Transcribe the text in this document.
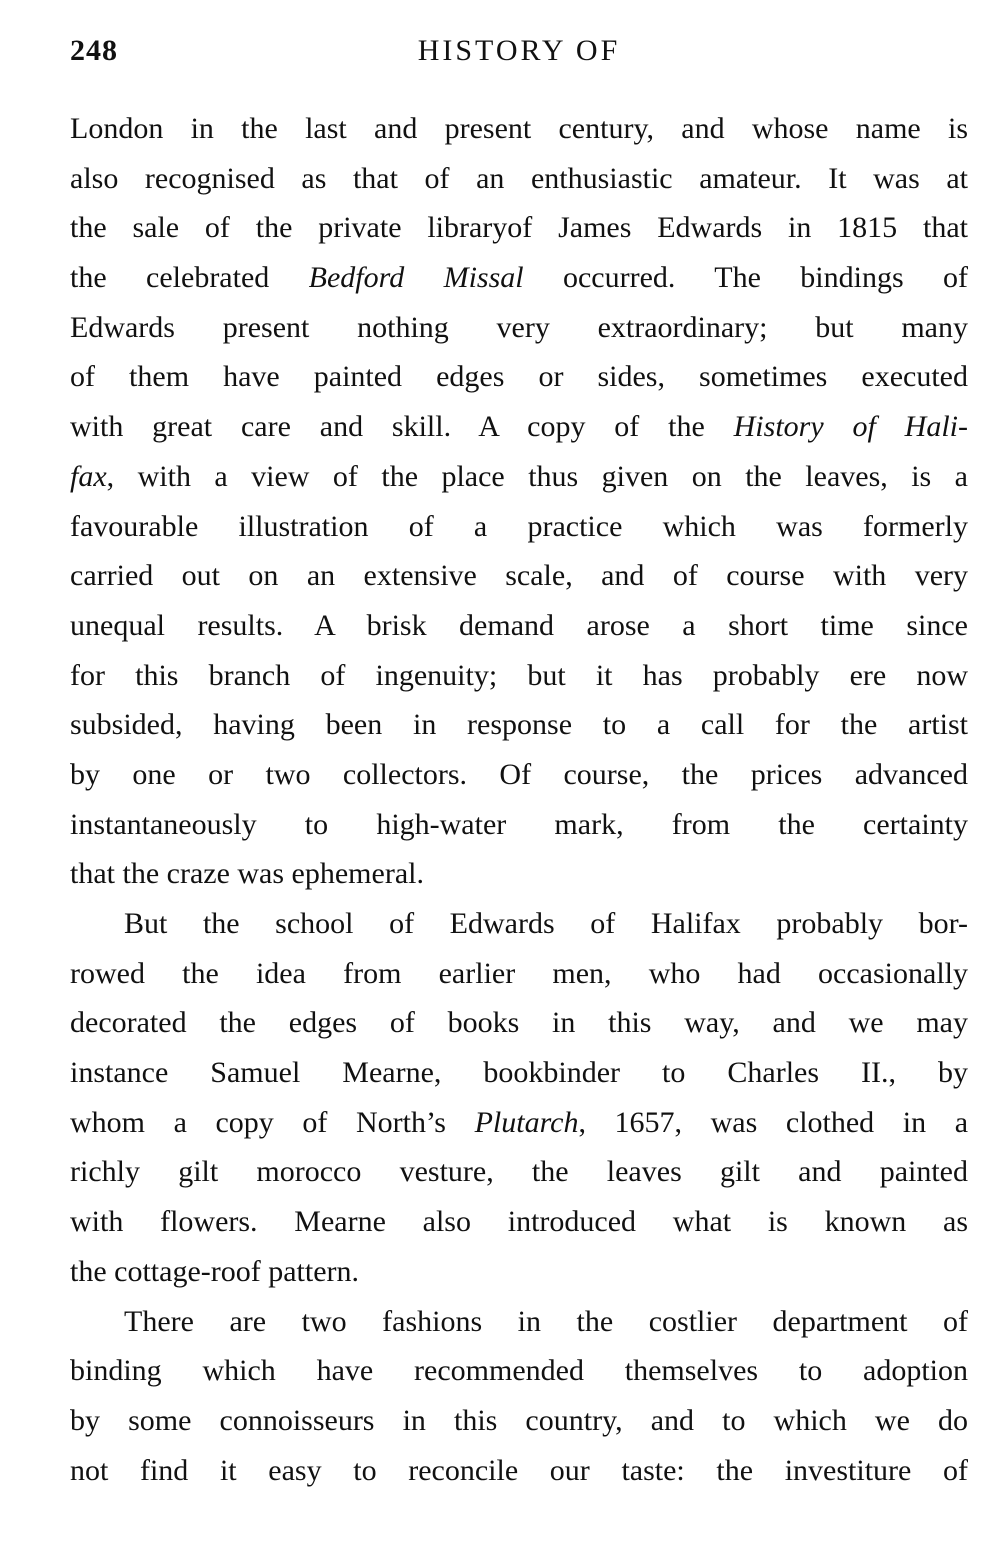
248	HISTORY OF
London in the last and present century, and whose name is
also recognised as that of an enthusiastic amateur. It was at
the sale of the private libraryof James Edwards in 1815 that
the celebrated Bedford Missal occurred. The bindings of
Edwards present nothing very extraordinary; but many
of them have painted edges or sides, sometimes executed
with great care and skill. A copy of the History of Hali-
fax, with a view of the place thus given on the leaves, is a
favourable illustration of a practice which was formerly
carried out on an extensive scale, and of course with very
unequal results. A brisk demand arose a short time since
for this branch of ingenuity; but it has probably ere now
subsided, having been in response to a call for the artist
by one or two collectors. Of course, the prices advanced
instantaneously to high-water mark, from the certainty
that the craze was ephemeral.
But the school of Edwards of Halifax probably bor-
rowed the idea from earlier men, who had occasionally
decorated the edges of books in this way, and we may
instance Samuel Mearne, bookbinder to Charles II., by
whom a copy of North’s Plutarch, 1657, was clothed in a
richly gilt morocco vesture, the leaves gilt and painted
with flowers. Mearne also introduced what is known as
the cottage-roof pattern.
There are two fashions in the costlier department of
binding which have recommended themselves to adoption
by some connoisseurs in this country, and to which we do
not find it easy to reconcile our taste: the investiture of
